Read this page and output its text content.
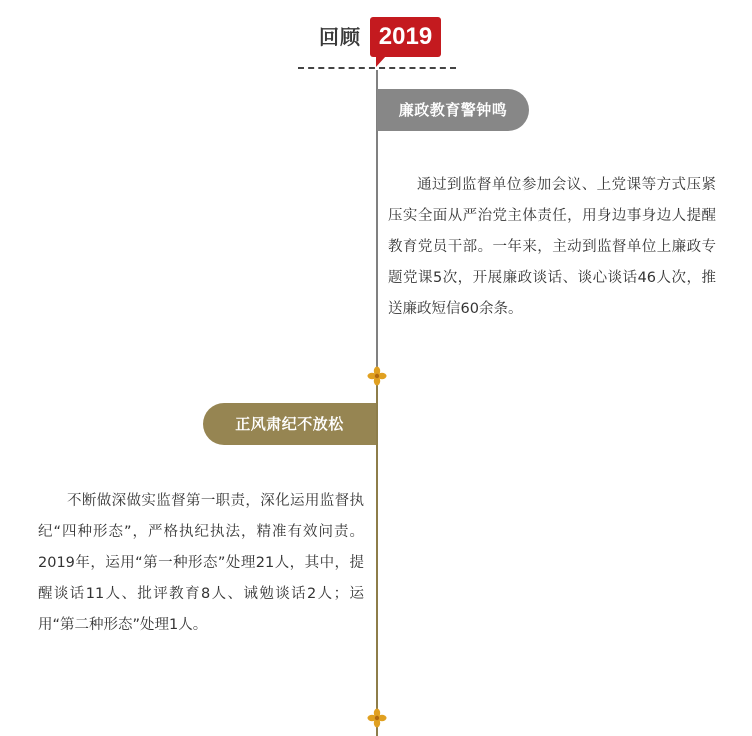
回顾 2019
廉政教育警钟鸣
通过到监督单位参加会议、上党课等方式压紧压实全面从严治党主体责任，用身边事身边人提醒教育党员干部。一年来，主动到监督单位上廉政专题党课5次，开展廉政谈话、谈心谈话46人次，推送廉政短信60余条。
正风肃纪不放松
不断做深做实监督第一职责，深化运用监督执纪“四种形态”，严格执纪执法，精准有效问责。2019年，运用“第一种形态”处理21人，其中，提醒谈话11人、批评教育8人、诫勉谈话2人；运用“第二种形态”处理1人。
